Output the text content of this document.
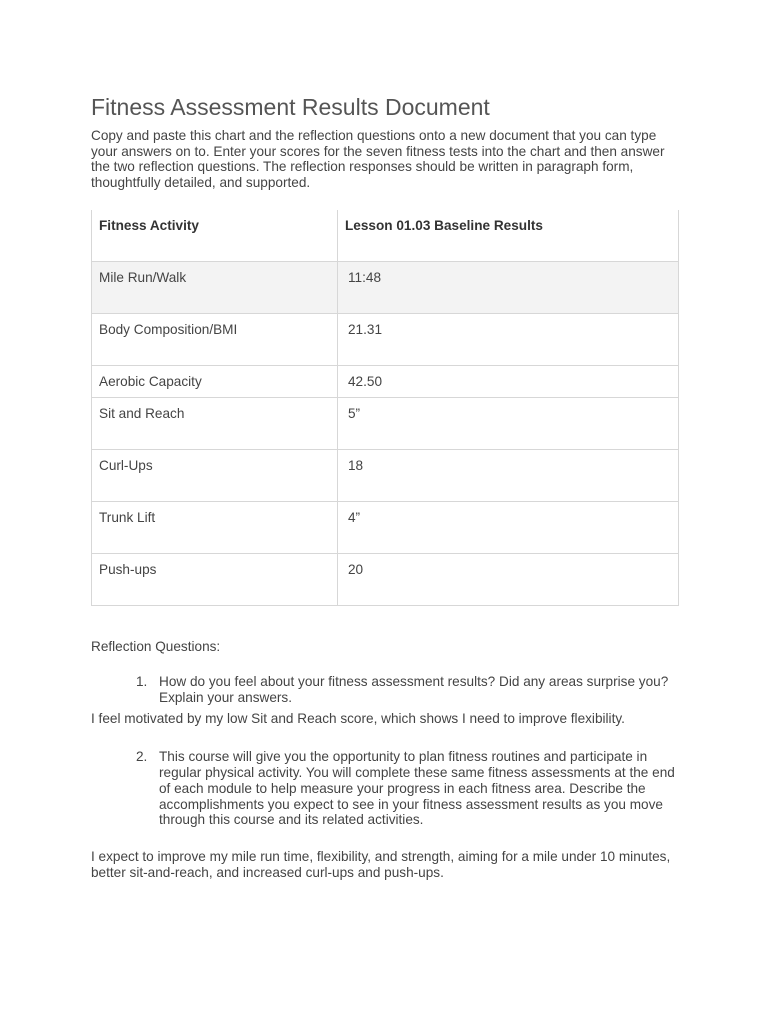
Fitness Assessment Results Document

Copy and paste this chart and the reflection questions onto a new document that you can type your answers on to. Enter your scores for the seven fitness tests into the chart and then answer the two reflection questions. The reflection responses should be written in paragraph form, thoughtfully detailed, and supported.

Fitness Activity	Lesson 01.03 Baseline Results
Mile Run/Walk	11:48
Body Composition/BMI	21.31
Aerobic Capacity	42.50
Sit and Reach	5”
Curl-Ups	18
Trunk Lift	4”
Push-ups	20

Reflection Questions:

1. How do you feel about your fitness assessment results? Did any areas surprise you? Explain your answers.
I feel motivated by my low Sit and Reach score, which shows I need to improve flexibility.
2. This course will give you the opportunity to plan fitness routines and participate in regular physical activity. You will complete these same fitness assessments at the end of each module to help measure your progress in each fitness area. Describe the accomplishments you expect to see in your fitness assessment results as you move through this course and its related activities.
I expect to improve my mile run time, flexibility, and strength, aiming for a mile under 10 minutes, better sit-and-reach, and increased curl-ups and push-ups.
